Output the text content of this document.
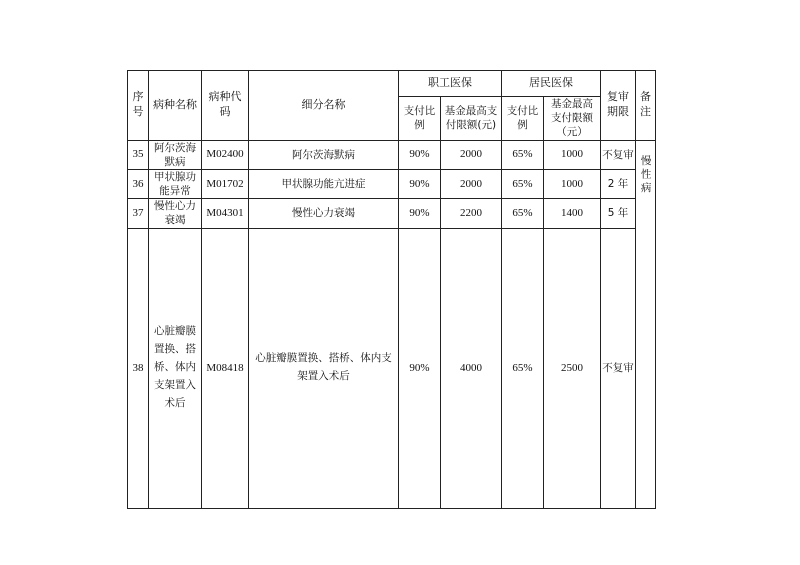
序号	病种名称	病种代码	细分名称	职工医保		居民医保		复审期限	备注

				支付比例	基金最高支付限额(元)	支付比例	基金最高支付限额（元）		

35	阿尔茨海默病	M02400	阿尔茨海默病	90%	2000	65%	1000	不复审	慢性病

36	甲状腺功能异常	M01702	甲状腺功能亢进症	90%	2000	65%	1000	2 年	
37	慢性心力衰竭	M04301	慢性心力衰竭	90%	2200	65%	1400	5 年	
38	心脏瓣膜置换、搭桥、体内支架置入术后	M08418	心脏瓣膜置换、搭桥、体内支架置入术后	90%	4000	65%	2500	不复审	
